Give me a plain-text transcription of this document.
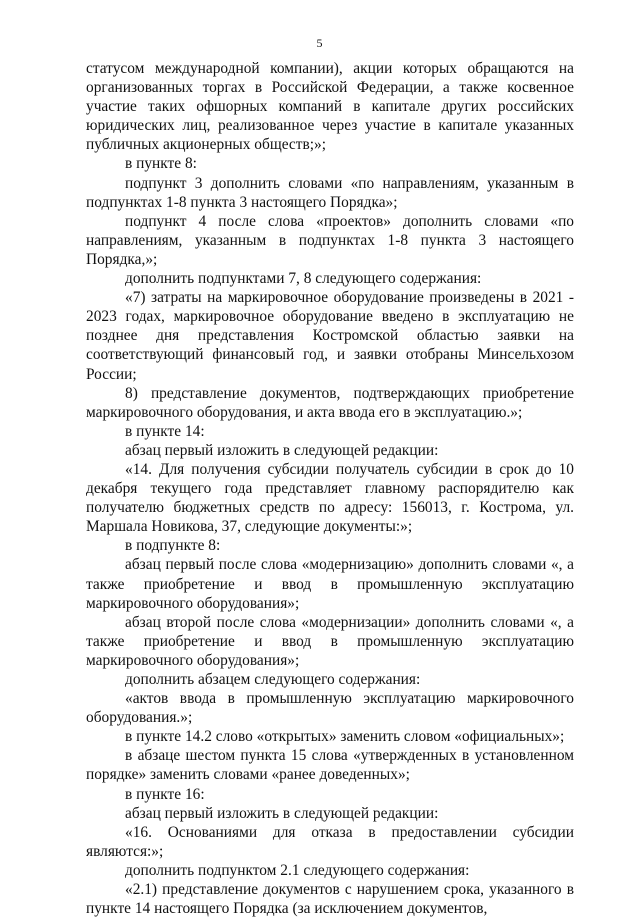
5

статусом международной компании), акции которых обращаются на организованных торгах в Российской Федерации, а также косвенное участие таких офшорных компаний в капитале других российских юридических лиц, реализованное через участие в капитале указанных публичных акционерных обществ;»;

в пункте 8:

подпункт 3 дополнить словами «по направлениям, указанным в подпунктах 1-8 пункта 3 настоящего Порядка»;

подпункт 4 после слова «проектов» дополнить словами «по направлениям, указанным в подпунктах 1-8 пункта 3 настоящего Порядка,»;

дополнить подпунктами 7, 8 следующего содержания:

«7) затраты на маркировочное оборудование произведены в 2021 - 2023 годах, маркировочное оборудование введено в эксплуатацию не позднее дня представления Костромской областью заявки на соответствующий финансовый год, и заявки отобраны Минсельхозом России;

8) представление документов, подтверждающих приобретение маркировочного оборудования, и акта ввода его в эксплуатацию.»;

в пункте 14:

абзац первый изложить в следующей редакции:

«14. Для получения субсидии получатель субсидии в срок до 10 декабря текущего года представляет главному распорядителю как получателю бюджетных средств по адресу: 156013, г. Кострома, ул. Маршала Новикова, 37, следующие документы:»;

в подпункте 8:

абзац первый после слова «модернизацию» дополнить словами «, а также приобретение и ввод в промышленную эксплуатацию маркировочного оборудования»;

абзац второй после слова «модернизации» дополнить словами «, а также приобретение и ввод в промышленную эксплуатацию маркировочного оборудования»;

дополнить абзацем следующего содержания:

«актов ввода в промышленную эксплуатацию маркировочного оборудования.»;

в пункте 14.2 слово «открытых» заменить словом «официальных»;

в абзаце шестом пункта 15 слова «утвержденных в установленном порядке» заменить словами «ранее доведенных»;

в пункте 16:

абзац первый изложить в следующей редакции:

«16. Основаниями для отказа в предоставлении субсидии являются:»;

дополнить подпунктом 2.1 следующего содержания:

«2.1) представление документов с нарушением срока, указанного в пункте 14 настоящего Порядка (за исключением документов,
